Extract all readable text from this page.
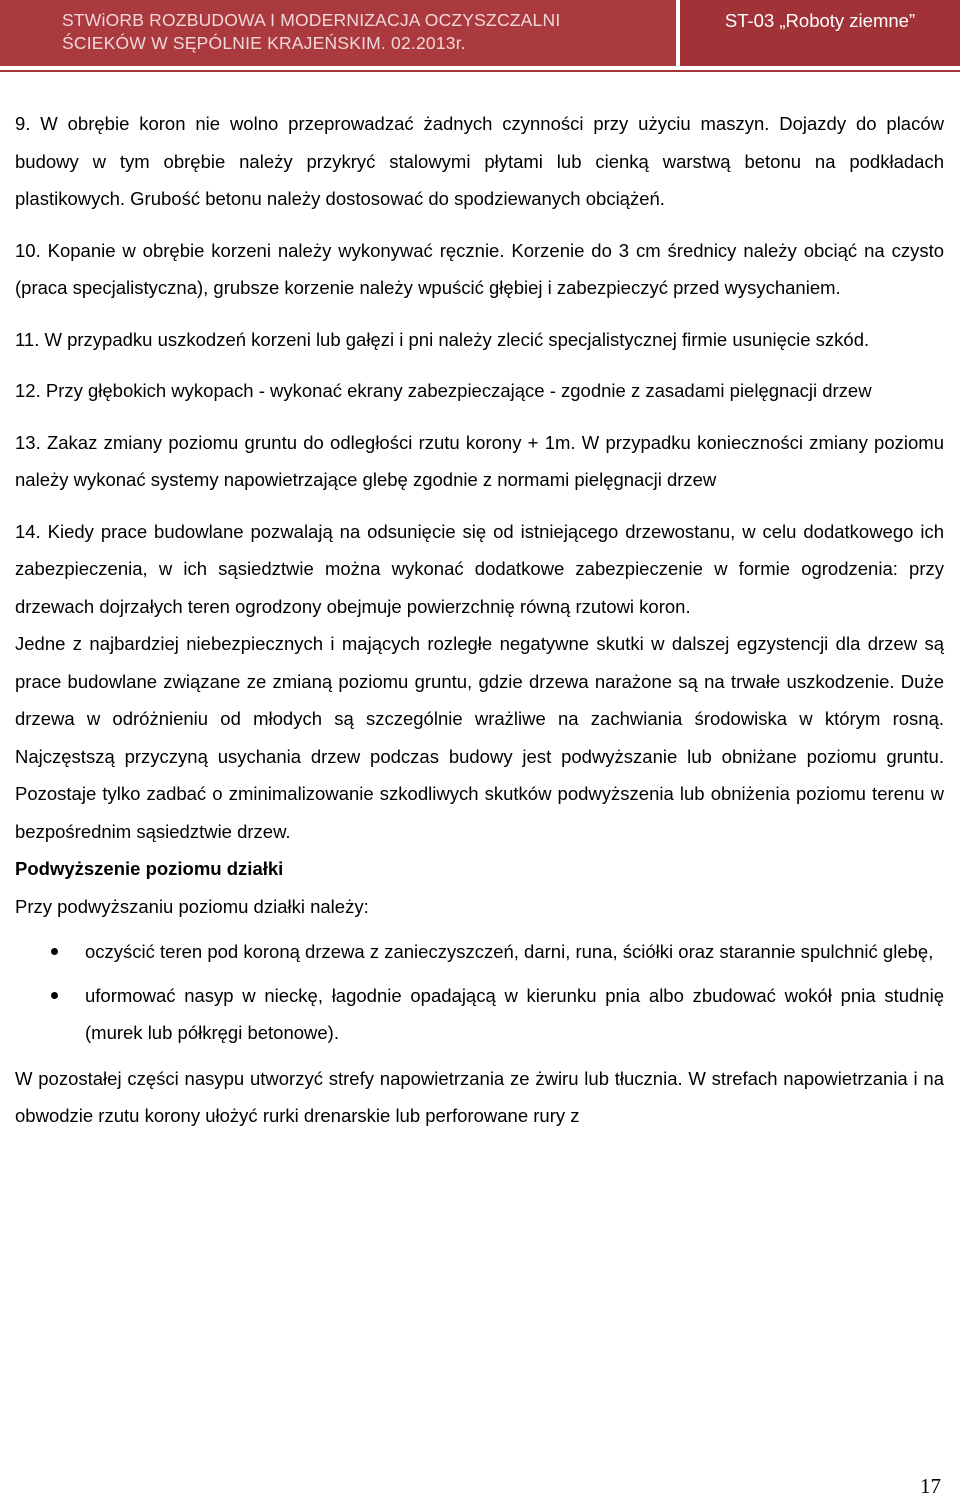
STWiORB ROZBUDOWA I MODERNIZACJA OCZYSZCZALNI
ŚCIEKÓW W SĘPÓLNIE KRAJEŃSKIM. 02.2013r.
ST-03 „Roboty ziemne”

9. W obrębie koron nie wolno przeprowadzać żadnych czynności przy użyciu maszyn. Dojazdy do placów budowy w tym obrębie należy przykryć stalowymi płytami lub cienką warstwą betonu na podkładach plastikowych. Grubość betonu należy dostosować do spodziewanych obciążeń.

10. Kopanie w obrębie korzeni należy wykonywać ręcznie. Korzenie do 3 cm średnicy należy obciąć na czysto (praca specjalistyczna), grubsze korzenie należy wpuścić głębiej i zabezpieczyć przed wysychaniem.

11. W przypadku uszkodzeń korzeni lub gałęzi i pni należy zlecić specjalistycznej firmie usunięcie szkód.

12. Przy głębokich wykopach - wykonać ekrany zabezpieczające - zgodnie z zasadami pielęgnacji drzew

13. Zakaz zmiany poziomu gruntu do odległości rzutu korony + 1m. W przypadku konieczności zmiany poziomu należy wykonać systemy napowietrzające glebę zgodnie z normami pielęgnacji drzew

14. Kiedy prace budowlane pozwalają na odsunięcie się od istniejącego drzewostanu, w celu dodatkowego ich zabezpieczenia, w ich sąsiedztwie można wykonać dodatkowe zabezpieczenie w formie ogrodzenia: przy drzewach dojrzałych teren ogrodzony obejmuje powierzchnię równą rzutowi koron.

Jedne z najbardziej niebezpiecznych i mających rozległe negatywne skutki w dalszej egzystencji dla drzew są prace budowlane związane ze zmianą poziomu gruntu, gdzie drzewa narażone są na trwałe uszkodzenie. Duże drzewa w odróżnieniu od młodych są szczególnie wrażliwe na zachwiania środowiska w którym rosną. Najczęstszą przyczyną usychania drzew podczas budowy jest podwyższanie lub obniżane poziomu gruntu. Pozostaje tylko zadbać o zminimalizowanie szkodliwych skutków podwyższenia lub obniżenia poziomu terenu w bezpośrednim sąsiedztwie drzew.

Podwyższenie poziomu działki

Przy podwyższaniu poziomu działki należy:

oczyścić teren pod koroną drzewa z zanieczyszczeń, darni, runa, ściółki oraz starannie spulchnić glebę,
uformować nasyp w nieckę, łagodnie opadającą w kierunku pnia albo zbudować wokół pnia studnię (murek lub półkręgi betonowe).

W pozostałej części nasypu utworzyć strefy napowietrzania ze żwiru lub tłucznia. W strefach napowietrzania i na obwodzie rzutu korony ułożyć rurki drenarskie lub perforowane rury z

17
